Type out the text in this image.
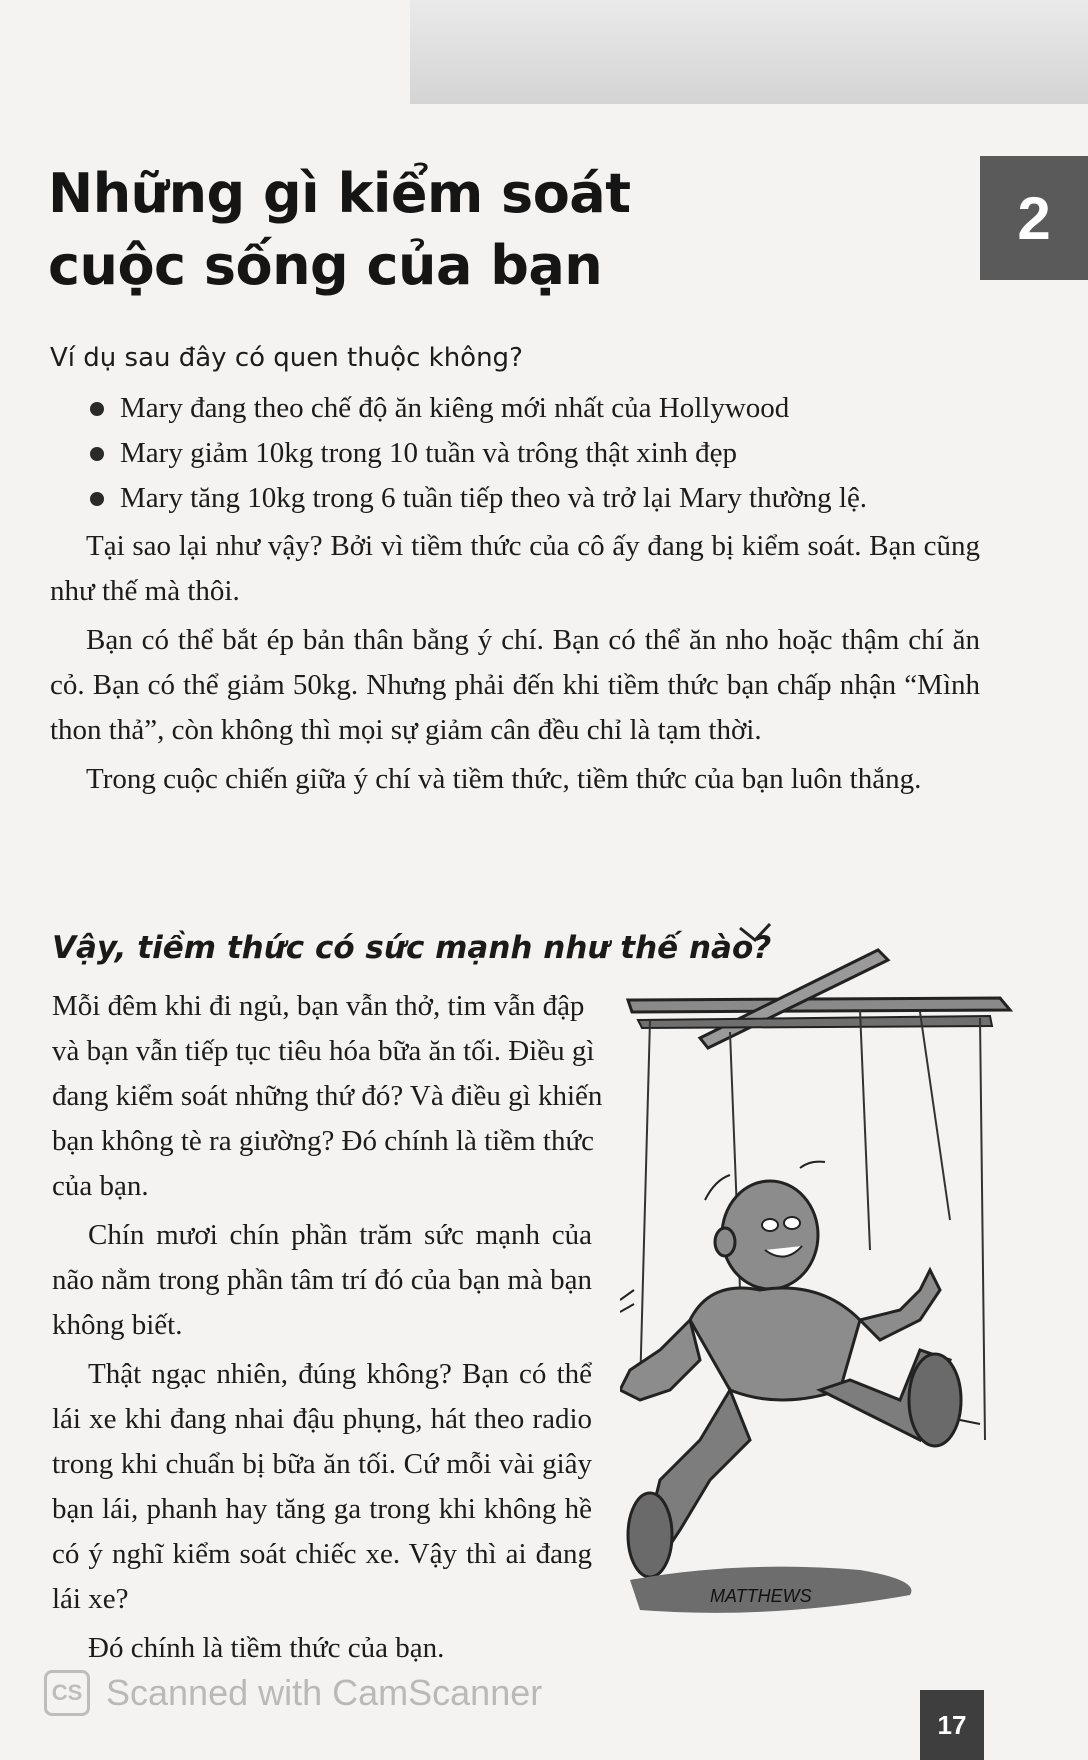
2
Những gì kiểm soát
cuộc sống của bạn
Ví dụ sau đây có quen thuộc không?
Mary đang theo chế độ ăn kiêng mới nhất của Hollywood
Mary giảm 10kg trong 10 tuần và trông thật xinh đẹp
Mary tăng 10kg trong 6 tuần tiếp theo và trở lại Mary thường lệ.

Tại sao lại như vậy? Bởi vì tiềm thức của cô ấy đang bị kiểm soát. Bạn cũng như thế mà thôi.

Bạn có thể bắt ép bản thân bằng ý chí. Bạn có thể ăn nho hoặc thậm chí ăn cỏ. Bạn có thể giảm 50kg. Nhưng phải đến khi tiềm thức bạn chấp nhận “Mình thon thả”, còn không thì mọi sự giảm cân đều chỉ là tạm thời.

Trong cuộc chiến giữa ý chí và tiềm thức, tiềm thức của bạn luôn thắng.

Vậy, tiềm thức có sức mạnh như thế nào?

Mỗi đêm khi đi ngủ, bạn vẫn thở, tim vẫn đập và bạn vẫn tiếp tục tiêu hóa bữa ăn tối. Điều gì đang kiểm soát những thứ đó? Và điều gì khiến bạn không tè ra giường? Đó chính là tiềm thức của bạn.

Chín mươi chín phần trăm sức mạnh của não nằm trong phần tâm trí đó của bạn mà bạn không biết.

Thật ngạc nhiên, đúng không? Bạn có thể lái xe khi đang nhai đậu phụng, hát theo radio trong khi chuẩn bị bữa ăn tối. Cứ mỗi vài giây bạn lái, phanh hay tăng ga trong khi không hề có ý nghĩ kiểm soát chiếc xe. Vậy thì ai đang lái xe?

Đó chính là tiềm thức của bạn.

MATTHEWS
CS Scanned with CamScanner
17
